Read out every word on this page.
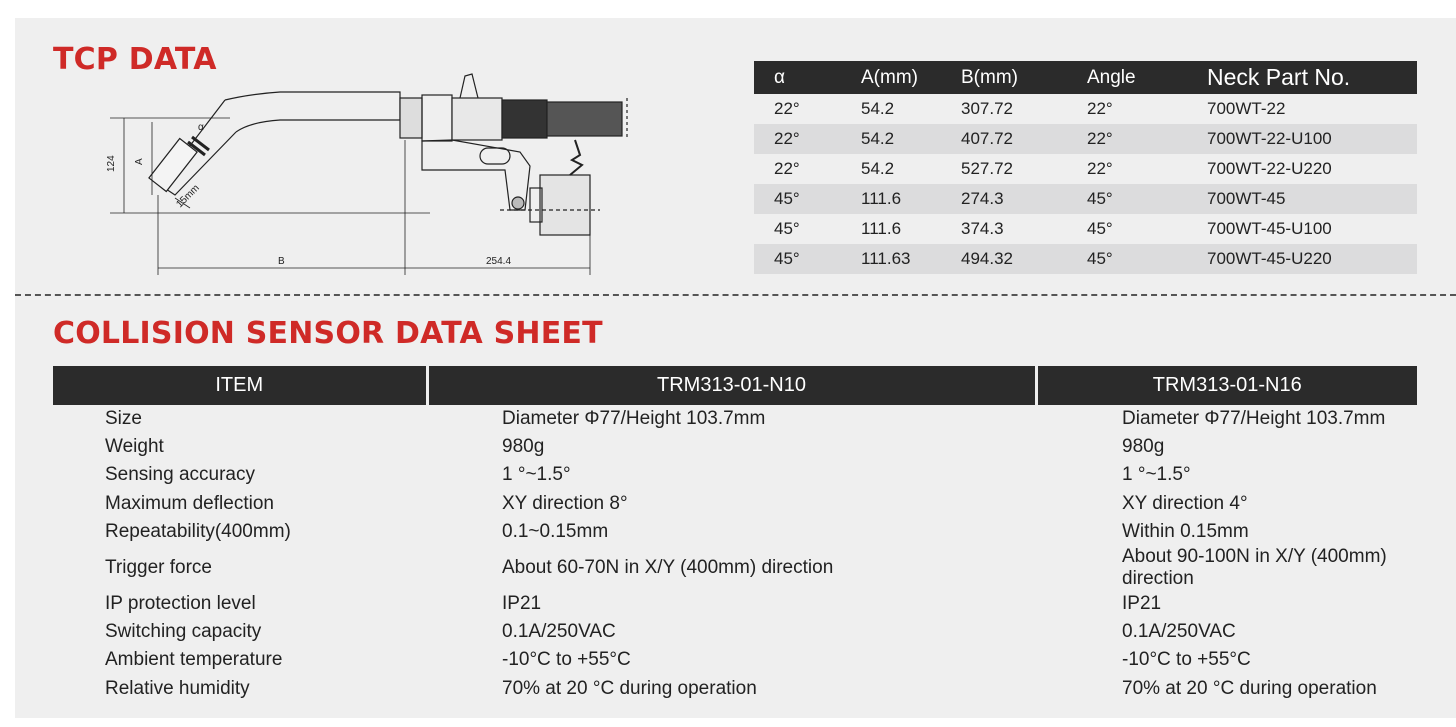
TCP DATA
124 A
α
15mm
B	254.4
α	A(mm)	B(mm)	Angle	Neck Part No.
22°	54.2	307.72	22°	700WT-22
22°	54.2	407.72	22°	700WT-22-U100
22°	54.2	527.72	22°	700WT-22-U220
45°	111.6	274.3	45°	700WT-45
45°	111.6	374.3	45°	700WT-45-U100
45°	111.63	494.32	45°	700WT-45-U220
COLLISION SENSOR DATA SHEET
ITEM	TRM313-01-N10	TRM313-01-N16
Size	Diameter Φ77/Height 103.7mm	Diameter Φ77/Height 103.7mm
Weight	980g	980g
Sensing accuracy	1 °~1.5°	1 °~1.5°
Maximum deflection	XY direction 8°	XY direction 4°
Repeatability(400mm)	0.1~0.15mm	Within 0.15mm
Trigger force	About 60-70N in X/Y (400mm) direction	About 90-100N in X/Y (400mm) direction
IP protection level	IP21	IP21
Switching capacity	0.1A/250VAC	0.1A/250VAC
Ambient temperature	-10°C to +55°C	-10°C to +55°C
Relative humidity	70% at 20 °C during operation	70% at 20 °C during operation
